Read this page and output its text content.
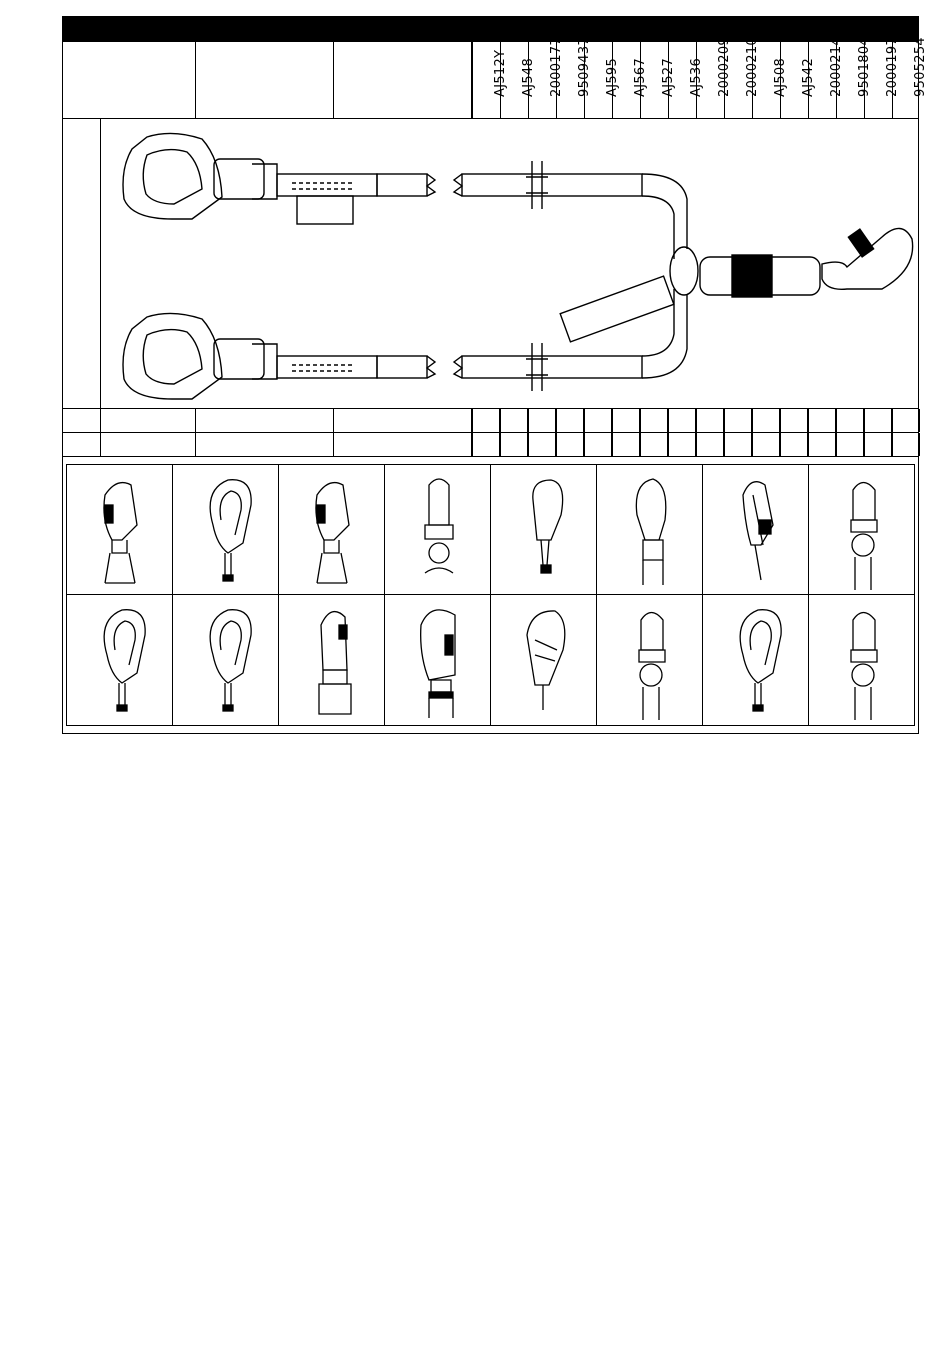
AJ512Y AJ548 2000177 9509437 AJ595 AJ567 AJ527 AJ536 2000209 2000210 AJ508 AJ542 2000214 9501804 2000197 9505254
